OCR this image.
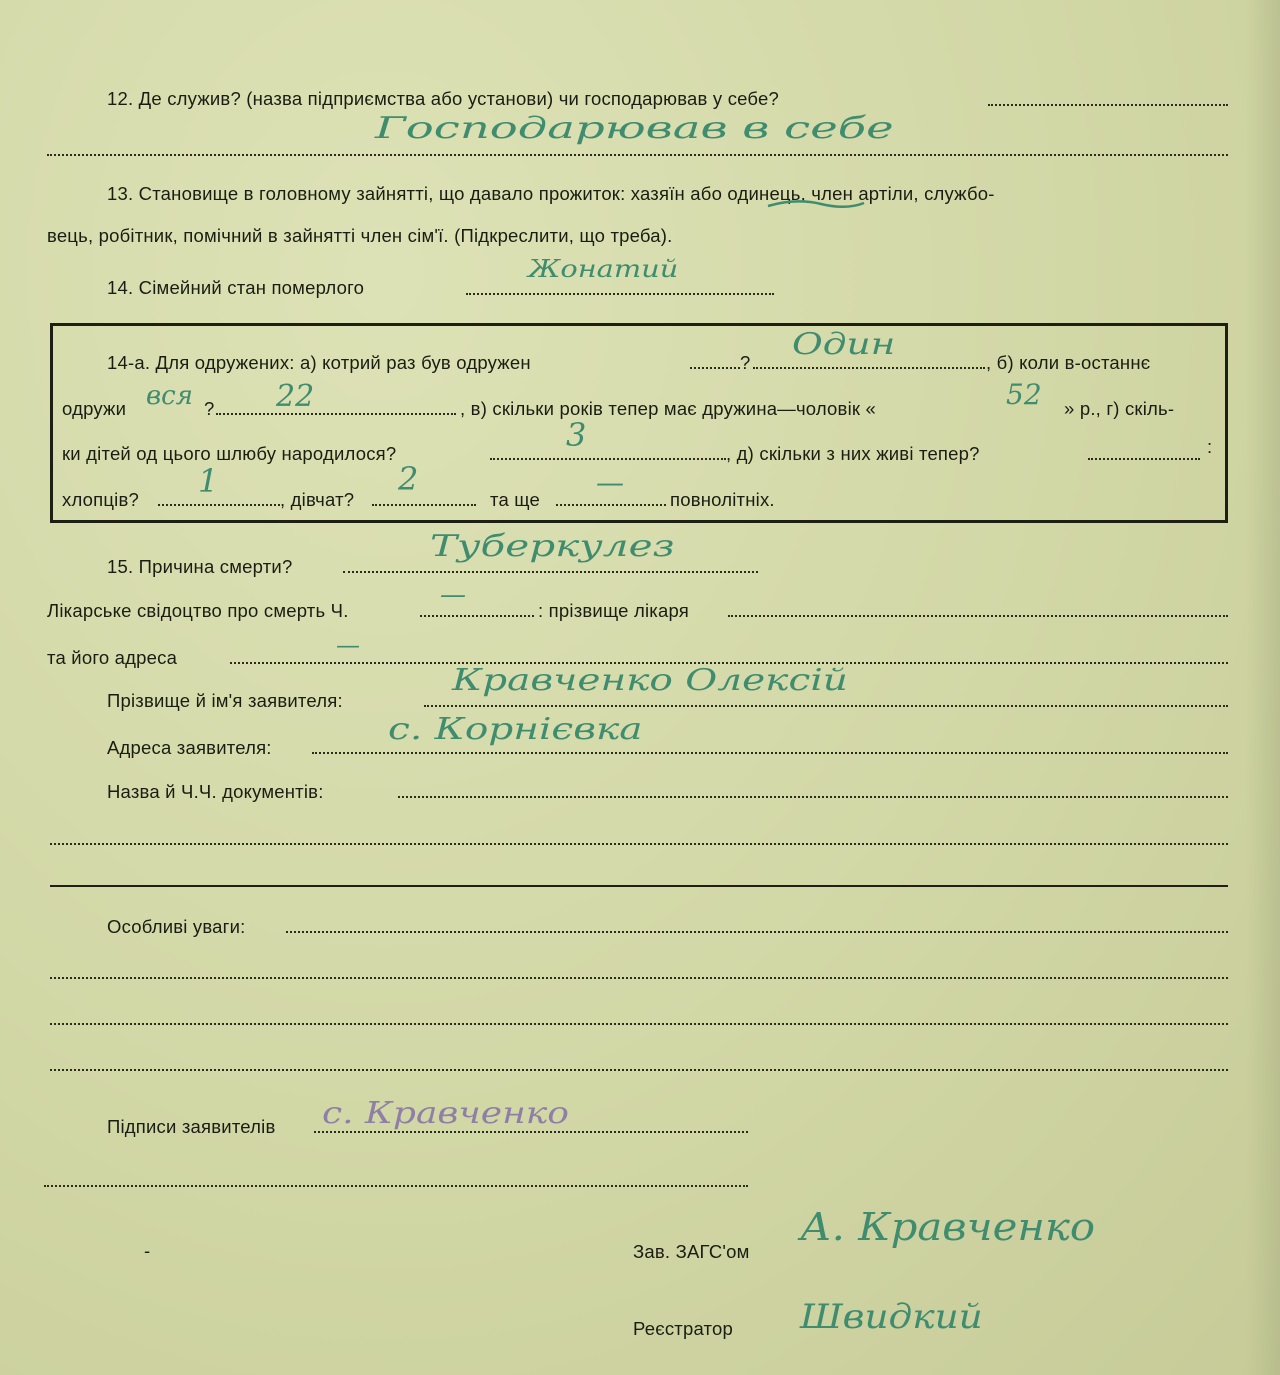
12. Де служив? (назва підприємства або установи) чи господарював у себе?
Господарював в себе
13. Становище в головному зайнятті, що давало прожиток: хазяїн або одинець, член артіли, службо-
вець, робітник, помічний в зайнятті член сім'ї. (Підкреслити, що треба).
14. Сімейний стан померлого
Жонатий
14-а. Для одружених: а) котрий раз був одружен	?
Один
, б) коли в-останнє
одружи вся ? 22	, в) скільки років тепер має дружина—чоловік «	52 » р., г) скіль-
ки дітей од цього шлюбу народилося?	3	, д) скільки з них живі тепер?	:
хлопців? 1	, дівчат?
2
та ще
—
повнолітніх.
15. Причина смерти?
Туберкулез
Лікарське свідоцтво про смерть Ч.
—
: прізвище лікаря
та його адреса	—
Прізвище й ім'я заявителя:
Кравченко Олексій
Адреса заявителя:
с. Корнієвка
Назва й Ч.Ч. документів:
Особливі уваги:
Підписи заявителів с. Кравченко
-	Зав. ЗАГС'ом
А. Кравченко
Реєстратор Швидкий
